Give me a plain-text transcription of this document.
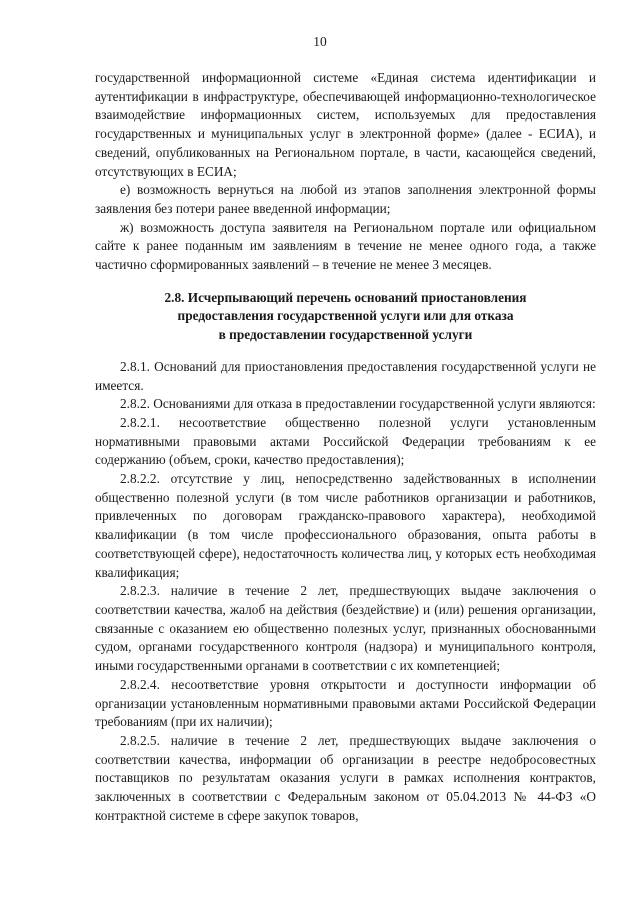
10

государственной информационной системе «Единая система идентификации и аутентификации в инфраструктуре, обеспечивающей информационно-технологическое взаимодействие информационных систем, используемых для предоставления государственных и муниципальных услуг в электронной форме» (далее - ЕСИА), и сведений, опубликованных на Региональном портале, в части, касающейся сведений, отсутствующих в ЕСИА;

е) возможность вернуться на любой из этапов заполнения электронной формы заявления без потери ранее введенной информации;

ж) возможность доступа заявителя на Региональном портале или официальном сайте к ранее поданным им заявлениям в течение не менее одного года, а также частично сформированных заявлений – в течение не менее 3 месяцев.

2.8. Исчерпывающий перечень оснований приостановления
предоставления государственной услуги или для отказа
в предоставлении государственной услуги

2.8.1. Оснований для приостановления предоставления государственной услуги не имеется.

2.8.2. Основаниями для отказа в предоставлении государственной услуги являются:

2.8.2.1. несоответствие общественно полезной услуги установленным нормативными правовыми актами Российской Федерации требованиям к ее содержанию (объем, сроки, качество предоставления);

2.8.2.2. отсутствие у лиц, непосредственно задействованных в исполнении общественно полезной услуги (в том числе работников организации и работников, привлеченных по договорам гражданско-правового характера), необходимой квалификации (в том числе профессионального образования, опыта работы в соответствующей сфере), недостаточность количества лиц, у которых есть необходимая квалификация;

2.8.2.3. наличие в течение 2 лет, предшествующих выдаче заключения о соответствии качества, жалоб на действия (бездействие) и (или) решения организации, связанные с оказанием ею общественно полезных услуг, признанных обоснованными судом, органами государственного контроля (надзора) и муниципального контроля, иными государственными органами в соответствии с их компетенцией;

2.8.2.4. несоответствие уровня открытости и доступности информации об организации установленным нормативными правовыми актами Российской Федерации требованиям (при их наличии);

2.8.2.5. наличие в течение 2 лет, предшествующих выдаче заключения о соответствии качества, информации об организации в реестре недобросовестных поставщиков по результатам оказания услуги в рамках исполнения контрактов, заключенных в соответствии с Федеральным законом от 05.04.2013 № 44-ФЗ «О контрактной системе в сфере закупок товаров,
